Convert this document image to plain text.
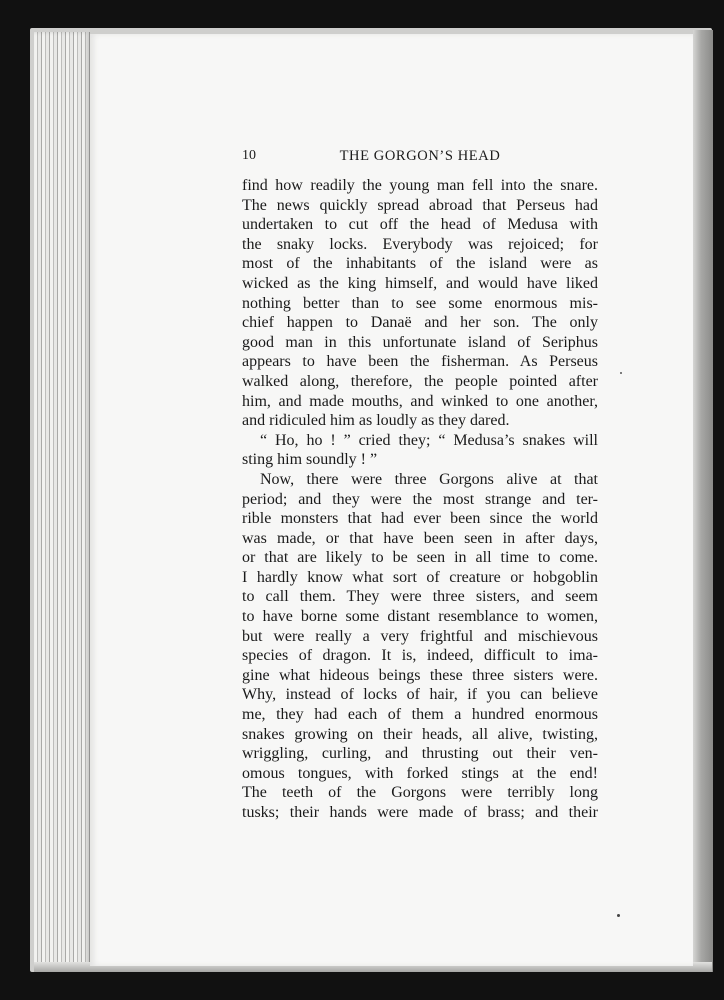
10	THE GORGON’S HEAD
find how readily the young man fell into the snare.
The news quickly spread abroad that Perseus had
undertaken to cut off the head of Medusa with
the snaky locks. Everybody was rejoiced; for
most of the inhabitants of the island were as
wicked as the king himself, and would have liked
nothing better than to see some enormous mis-
chief happen to Danaë and her son. The only
good man in this unfortunate island of Seriphus
appears to have been the fisherman. As Perseus
walked along, therefore, the people pointed after
him, and made mouths, and winked to one another,
and ridiculed him as loudly as they dared.
“ Ho, ho ! ” cried they; “ Medusa’s snakes will
sting him soundly ! ”
Now, there were three Gorgons alive at that
period; and they were the most strange and ter-
rible monsters that had ever been since the world
was made, or that have been seen in after days,
or that are likely to be seen in all time to come.
I hardly know what sort of creature or hobgoblin
to call them. They were three sisters, and seem
to have borne some distant resemblance to women,
but were really a very frightful and mischievous
species of dragon. It is, indeed, difficult to ima-
gine what hideous beings these three sisters were.
Why, instead of locks of hair, if you can believe
me, they had each of them a hundred enormous
snakes growing on their heads, all alive, twisting,
wriggling, curling, and thrusting out their ven-
omous tongues, with forked stings at the end!
The teeth of the Gorgons were terribly long
tusks; their hands were made of brass; and their
